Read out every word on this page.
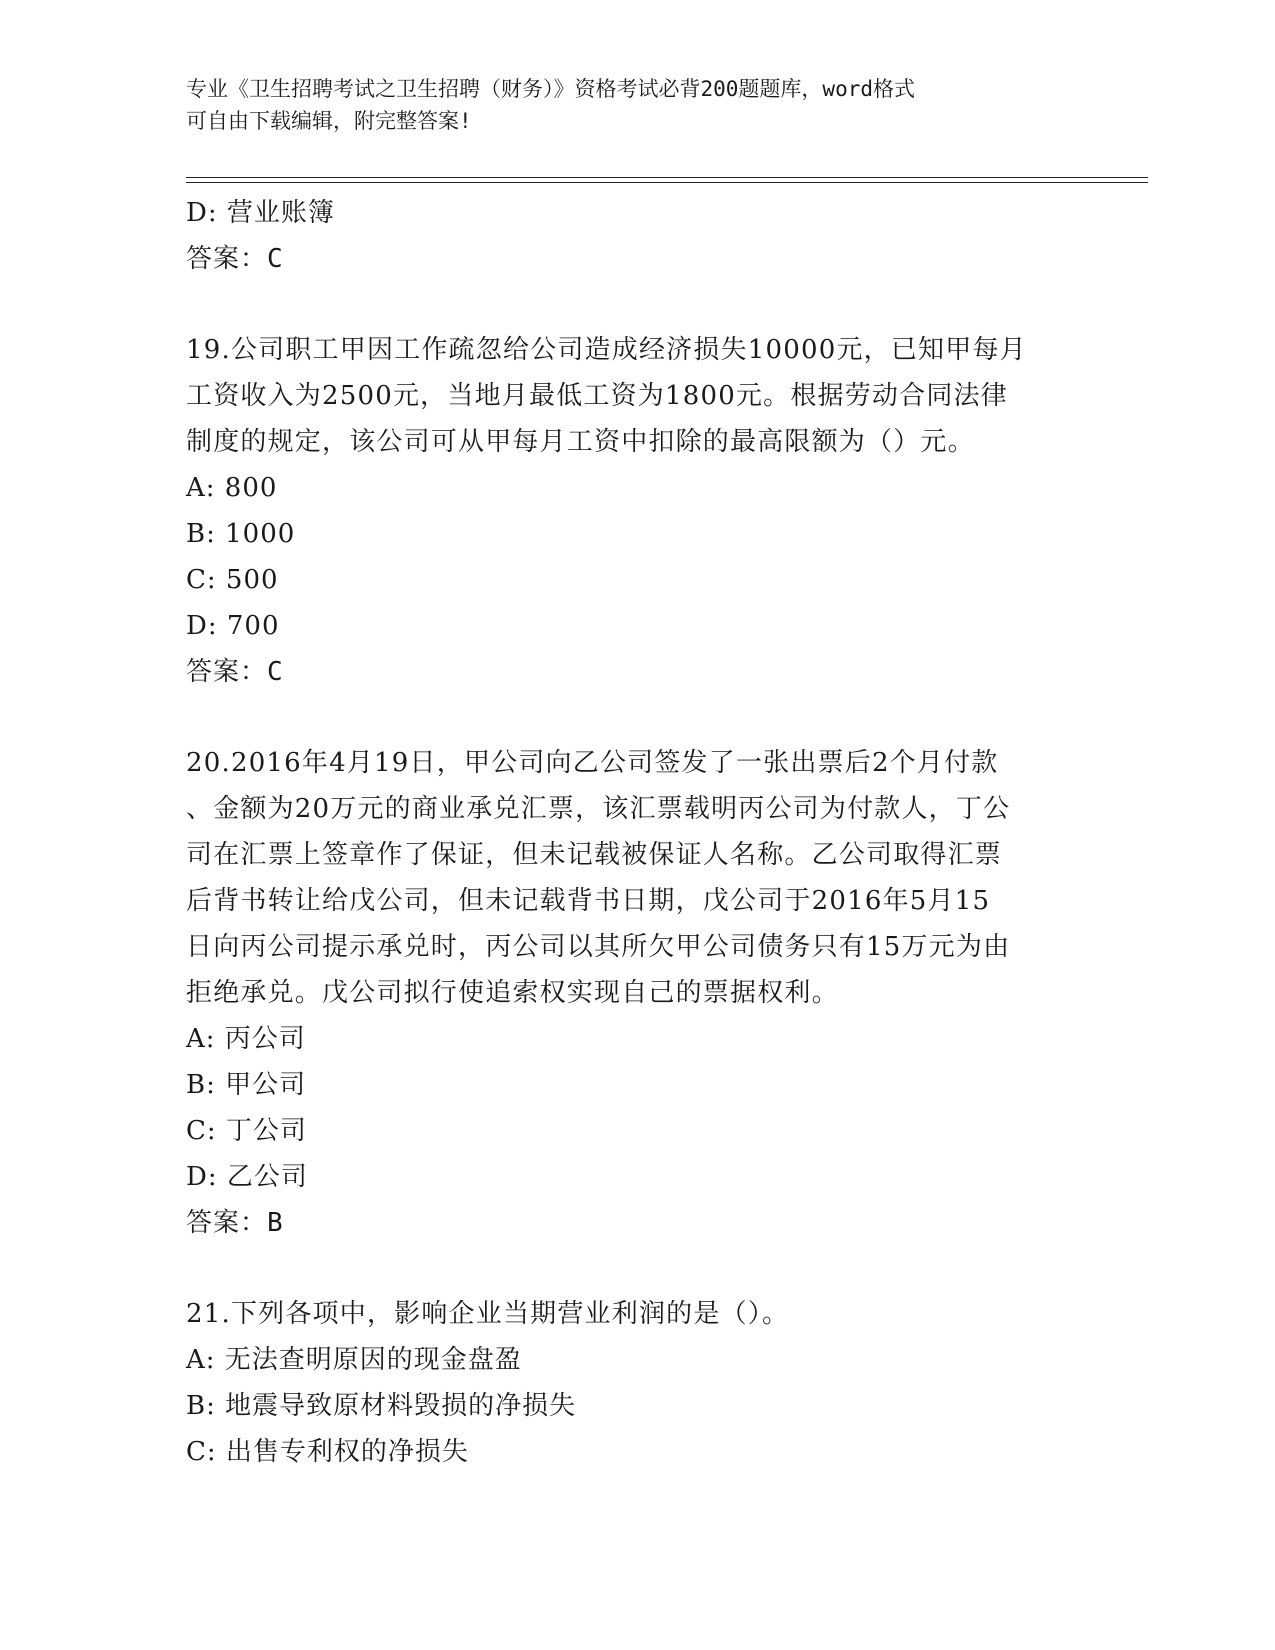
专业《卫生招聘考试之卫生招聘（财务）》资格考试必背200题题库，word格式
可自由下载编辑，附完整答案!
D: 营业账簿
答案：C
19.公司职工甲因工作疏忽给公司造成经济损失10000元，已知甲每月
工资收入为2500元，当地月最低工资为1800元。根据劳动合同法律
制度的规定，该公司可从甲每月工资中扣除的最高限额为（）元。
A: 800
B: 1000
C: 500
D: 700
答案：C
20.2016年4月19日，甲公司向乙公司签发了一张出票后2个月付款
、金额为20万元的商业承兑汇票，该汇票载明丙公司为付款人，丁公
司在汇票上签章作了保证，但未记载被保证人名称。乙公司取得汇票
后背书转让给戊公司，但未记载背书日期，戊公司于2016年5月15
日向丙公司提示承兑时，丙公司以其所欠甲公司债务只有15万元为由
拒绝承兑。戊公司拟行使追索权实现自己的票据权利。
A: 丙公司
B: 甲公司
C: 丁公司
D: 乙公司
答案：B
21.下列各项中，影响企业当期营业利润的是（）。
A: 无法查明原因的现金盘盈
B: 地震导致原材料毁损的净损失
C: 出售专利权的净损失
